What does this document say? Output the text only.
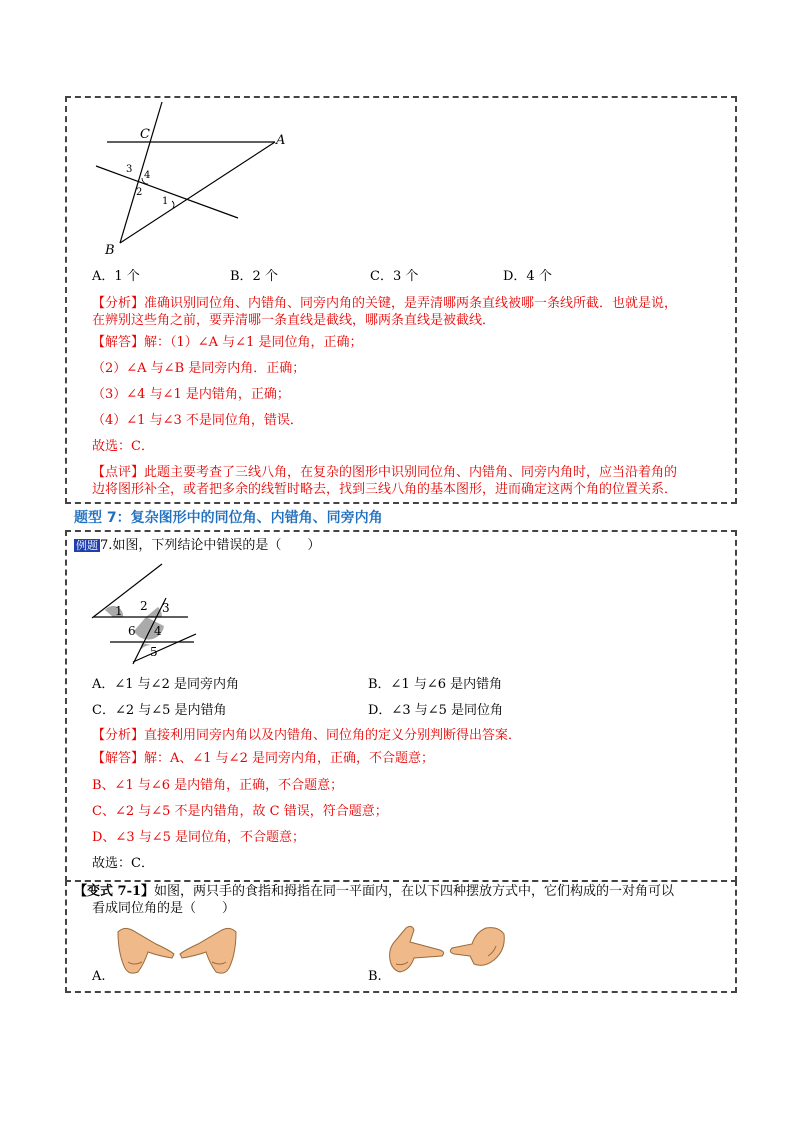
C	A
B
3
4
2
1
A．1 个	B．2 个	C．3 个	D．4 个
【分析】准确识别同位角、内错角、同旁内角的关键，是弄清哪两条直线被哪一条线所截．也就是说，
在辨别这些角之前，要弄清哪一条直线是截线，哪两条直线是被截线．
【解答】解：（1）∠A 与∠1 是同位角，正确；
（2）∠A 与∠B 是同旁内角．正确；
（3）∠4 与∠1 是内错角，正确；
（4）∠1 与∠3 不是同位角，错误．
故选：C．
【点评】此题主要考查了三线八角，在复杂的图形中识别同位角、内错角、同旁内角时，应当沿着角的
边将图形补全，或者把多余的线暂时略去，找到三线八角的基本图形，进而确定这两个角的位置关系．
题型 7：复杂图形中的同位角、内错角、同旁内角
例题 7.如图，下列结论中错误的是（　　）
1 2 3
4
6
5
A．∠1 与∠2 是同旁内角	B．∠1 与∠6 是内错角
C．∠2 与∠5 是内错角	D．∠3 与∠5 是同位角
【分析】直接利用同旁内角以及内错角、同位角的定义分别判断得出答案．
【解答】解：A、∠1 与∠2 是同旁内角，正确，不合题意；
B、∠1 与∠6 是内错角，正确，不合题意；
C、∠2 与∠5 不是内错角，故 C 错误，符合题意；
D、∠3 与∠5 是同位角，不合题意；
故选：C．
【变式 7-1】如图，两只手的食指和拇指在同一平面内，在以下四种摆放方式中，它们构成的一对角可以
看成同位角的是（　　）
A.	B.
